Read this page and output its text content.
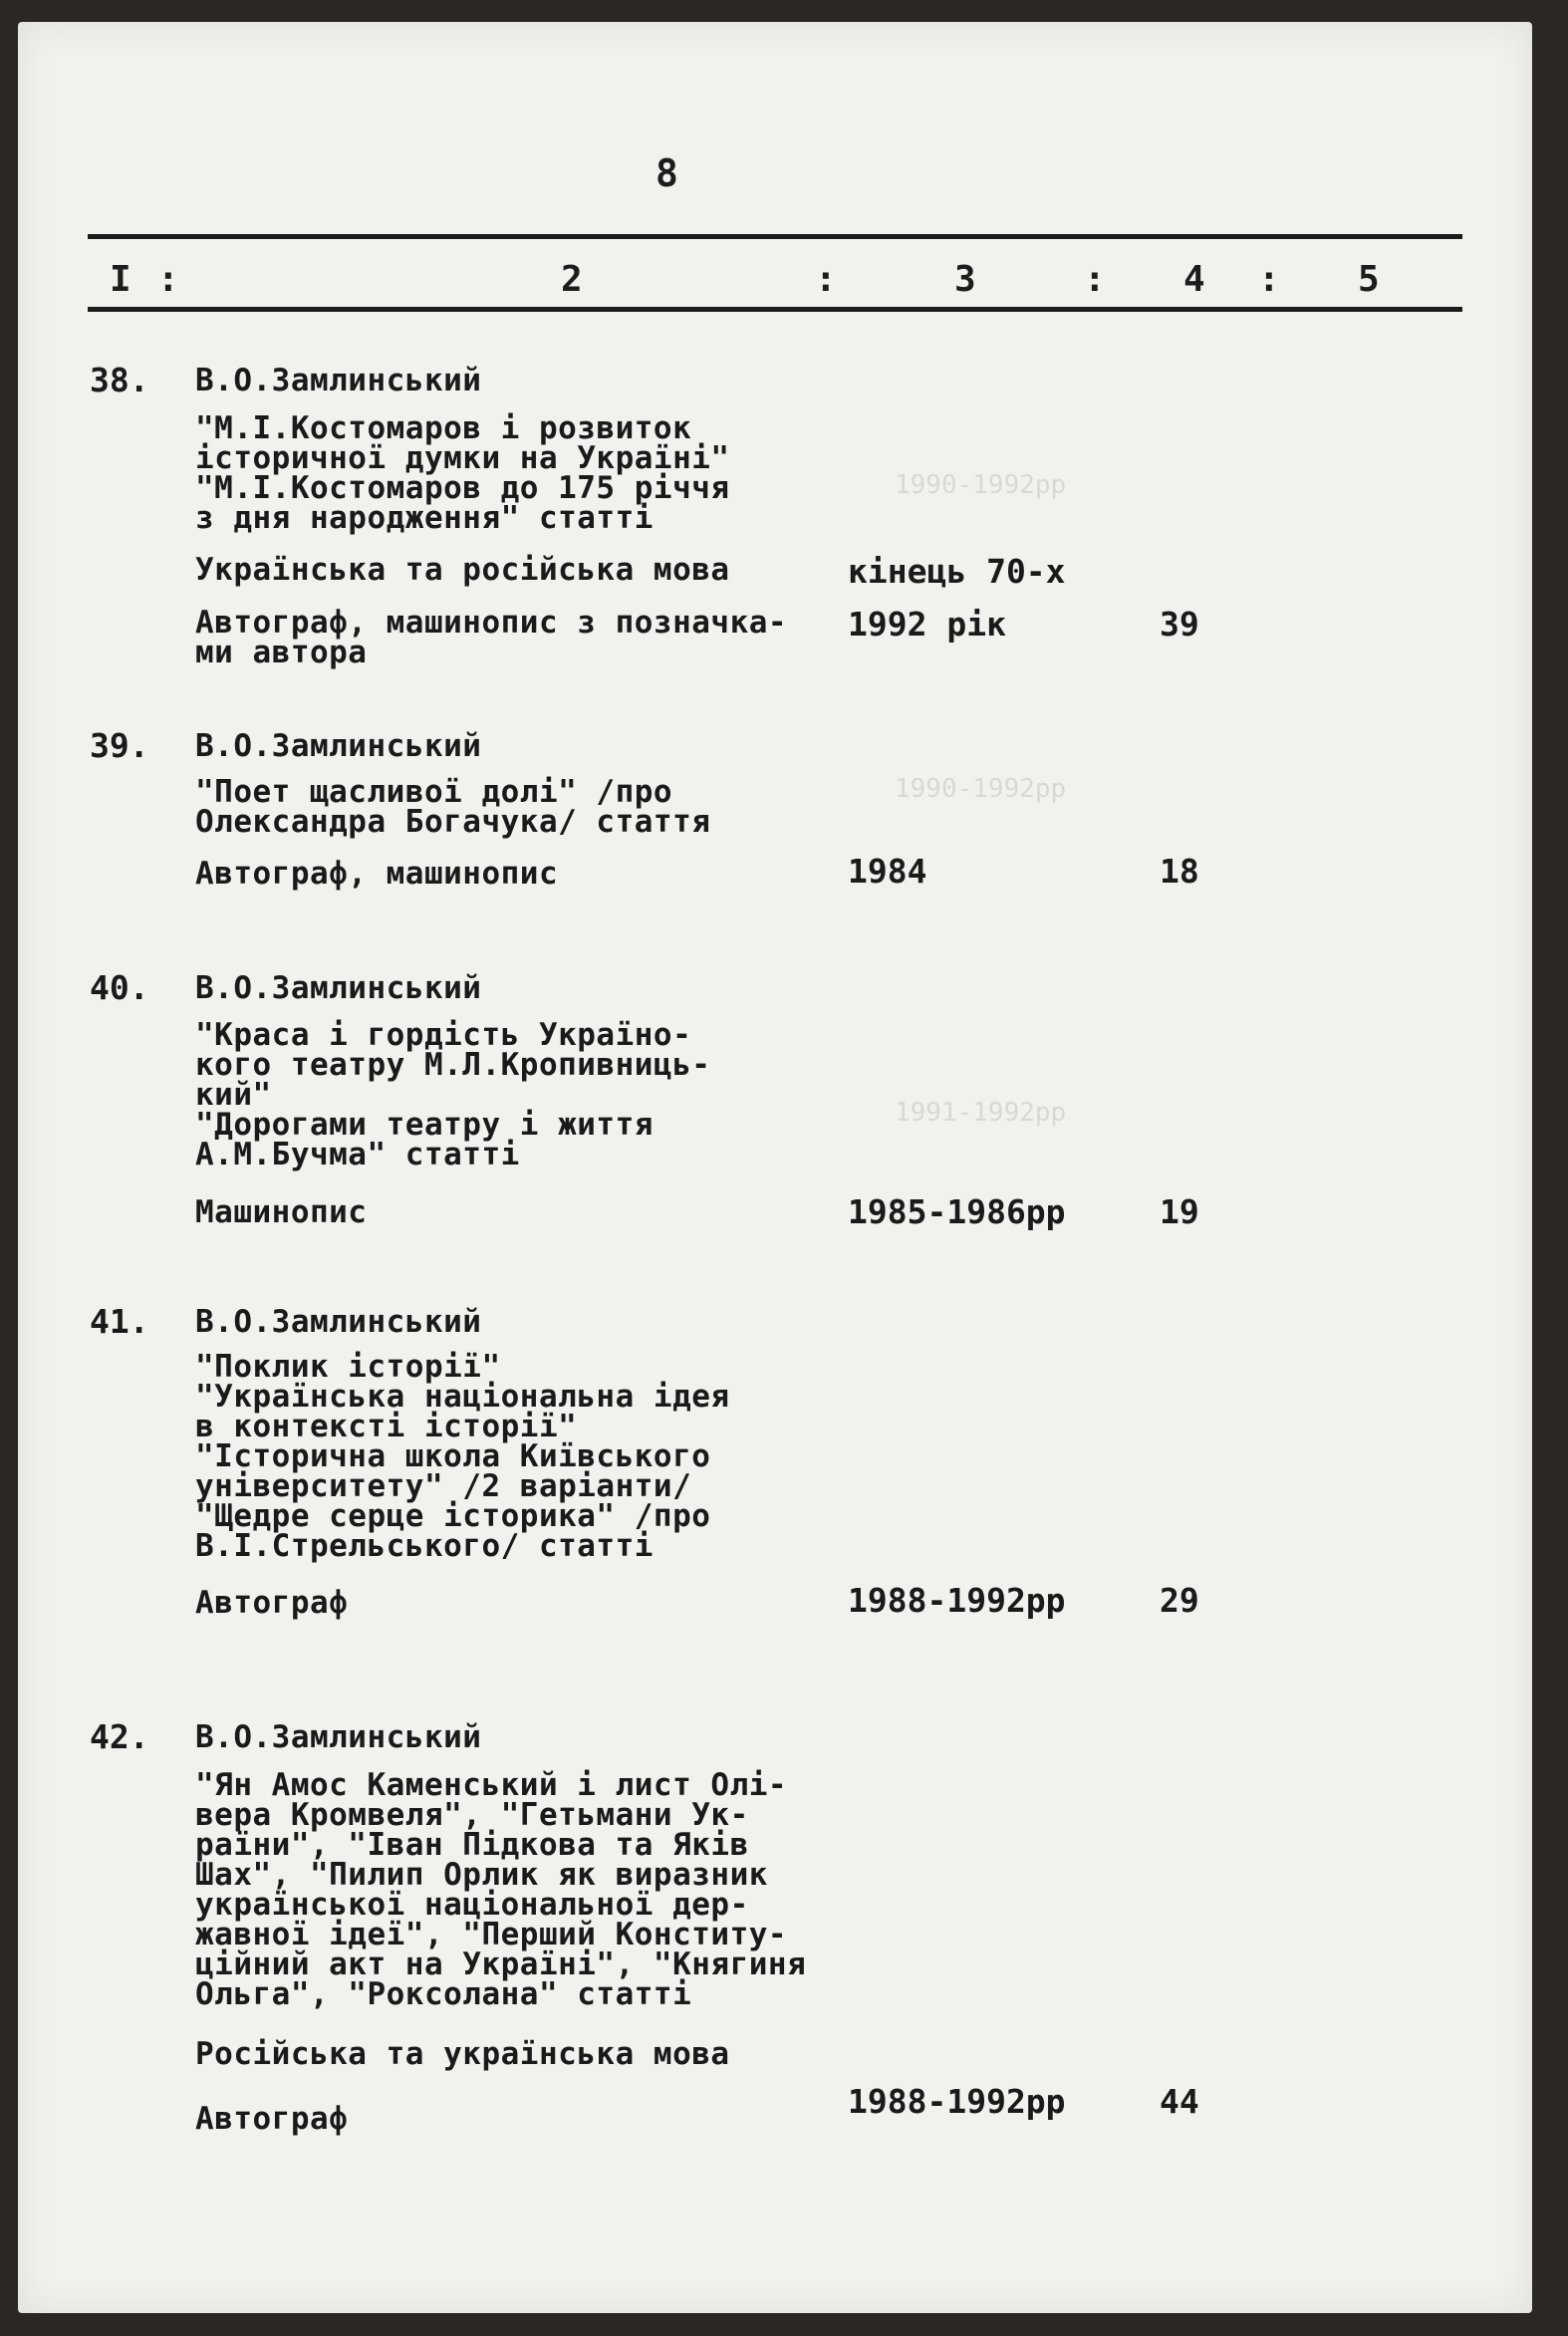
1990-1992рр
1990-1992рр
1991-1992рр
8
I :	2	:	3	: 4 : 5
38. В.О.Замлинський
"М.І.Костомаров і розвиток
історичної думки на Україні"
"М.І.Костомаров до 175 річчя
з дня народження" статті
Українська та російська мова	кінець 70-х
Автограф, машинопис з позначка-
ми автора
1992 рік	39
39. В.О.Замлинський
"Поет щасливої долі" /про
Олександра Богачука/ стаття
Автограф, машинопис	1984	18
40. В.О.Замлинський
"Краса і гордість Україно-
кого театру М.Л.Кропивниць-
кий"
"Дорогами театру і життя
А.М.Бучма" статті
Машинопис	1985-1986рр	19
41. В.О.Замлинський
"Поклик історії"
"Українська національна ідея
в контексті історії"
"Історична школа Київського
університету" /2 варіанти/
"Щедре серце історика" /про
В.І.Стрельського/ статті
Автограф	1988-1992рр	29
42. В.О.Замлинський
"Ян Амос Каменський і лист Олі-
вера Кромвеля", "Гетьмани Ук-
раїни", "Іван Підкова та Яків
Шах", "Пилип Орлик як виразник
української національної дер-
жавної ідеї", "Перший Конститу-
ційний акт на Україні", "Княгиня
Ольга", "Роксолана" статті
Російська та українська мова
Автограф	1988-1992рр	44
